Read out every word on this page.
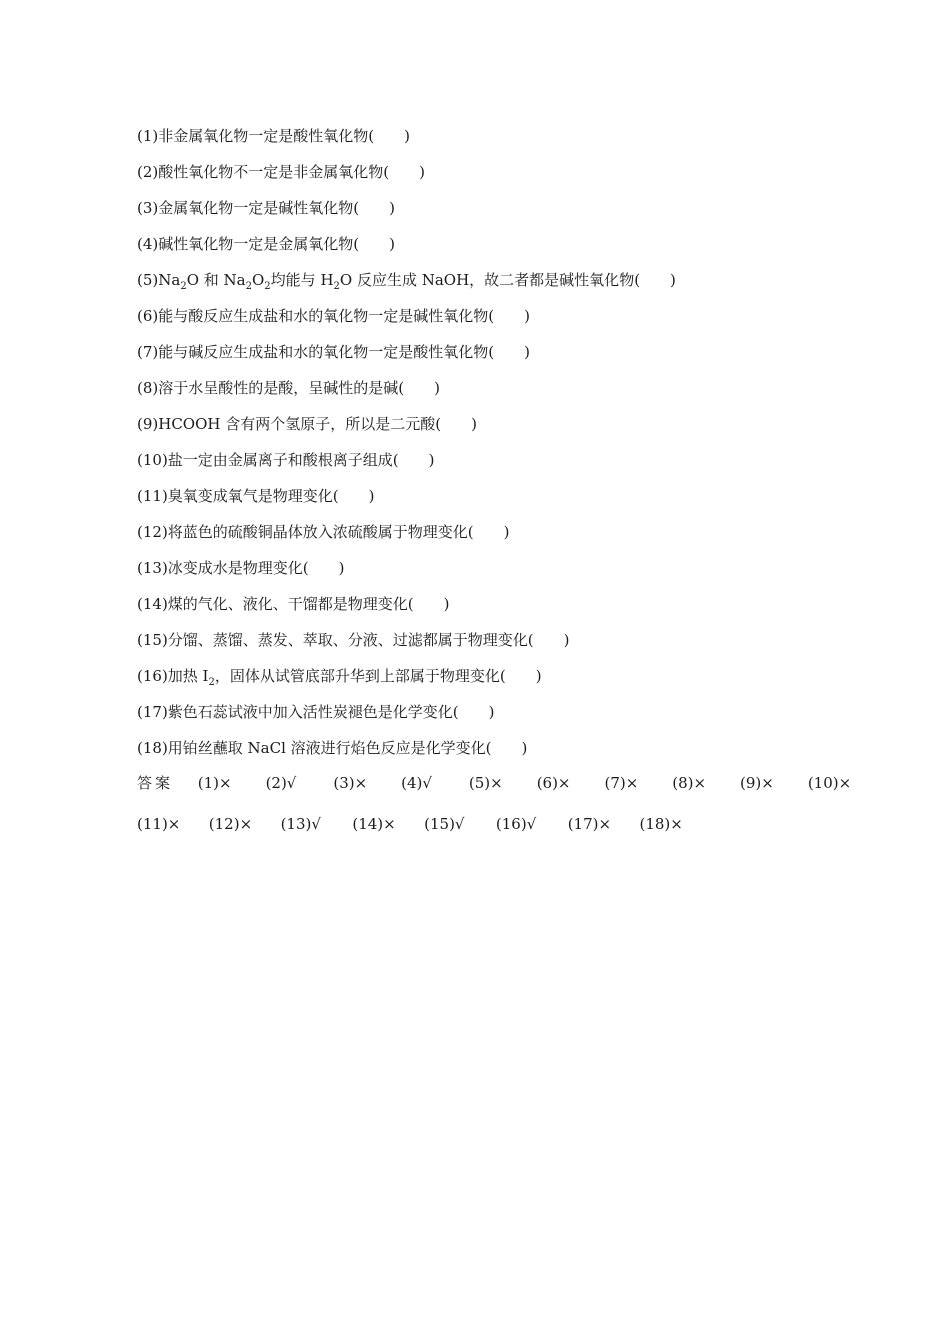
(1)非金属氧化物一定是酸性氧化物(　　)
(2)酸性氧化物不一定是非金属氧化物(　　)
(3)金属氧化物一定是碱性氧化物(　　)
(4)碱性氧化物一定是金属氧化物(　　)
$(5)Na_2O$ 和 $Na_2O_2$均能与 $H_2O$ 反应生成 NaOH，故二者都是碱性氧化物(　　)
(6)能与酸反应生成盐和水的氧化物一定是碱性氧化物(　　)
(7)能与碱反应生成盐和水的氧化物一定是酸性氧化物(　　)
(8)溶于水呈酸性的是酸，呈碱性的是碱(　　)
(9)HCOOH 含有两个氢原子，所以是二元酸(　　)
(10)盐一定由金属离子和酸根离子组成(　　)
(11)臭氧变成氧气是物理变化(　　)
(12)将蓝色的硫酸铜晶体放入浓硫酸属于物理变化(　　)
(13)冰变成水是物理变化(　　)
(14)煤的气化、液化、干馏都是物理变化(　　)
(15)分馏、蒸馏、蒸发、萃取、分液、过滤都属于物理变化(　　)
(16)加热 $I_2$，固体从试管底部升华到上部属于物理变化(　　)
(17)紫色石蕊试液中加入活性炭褪色是化学变化(　　)
(18)用铂丝蘸取 NaCl 溶液进行焰色反应是化学变化(　　)
答案 (1)× (2)√ (3)× (4)√ (5)× (6)× (7)× (8)× (9)× (10)×
(11)× (12)× (13)√ (14)× (15)√ (16)√ (17)× (18)×
